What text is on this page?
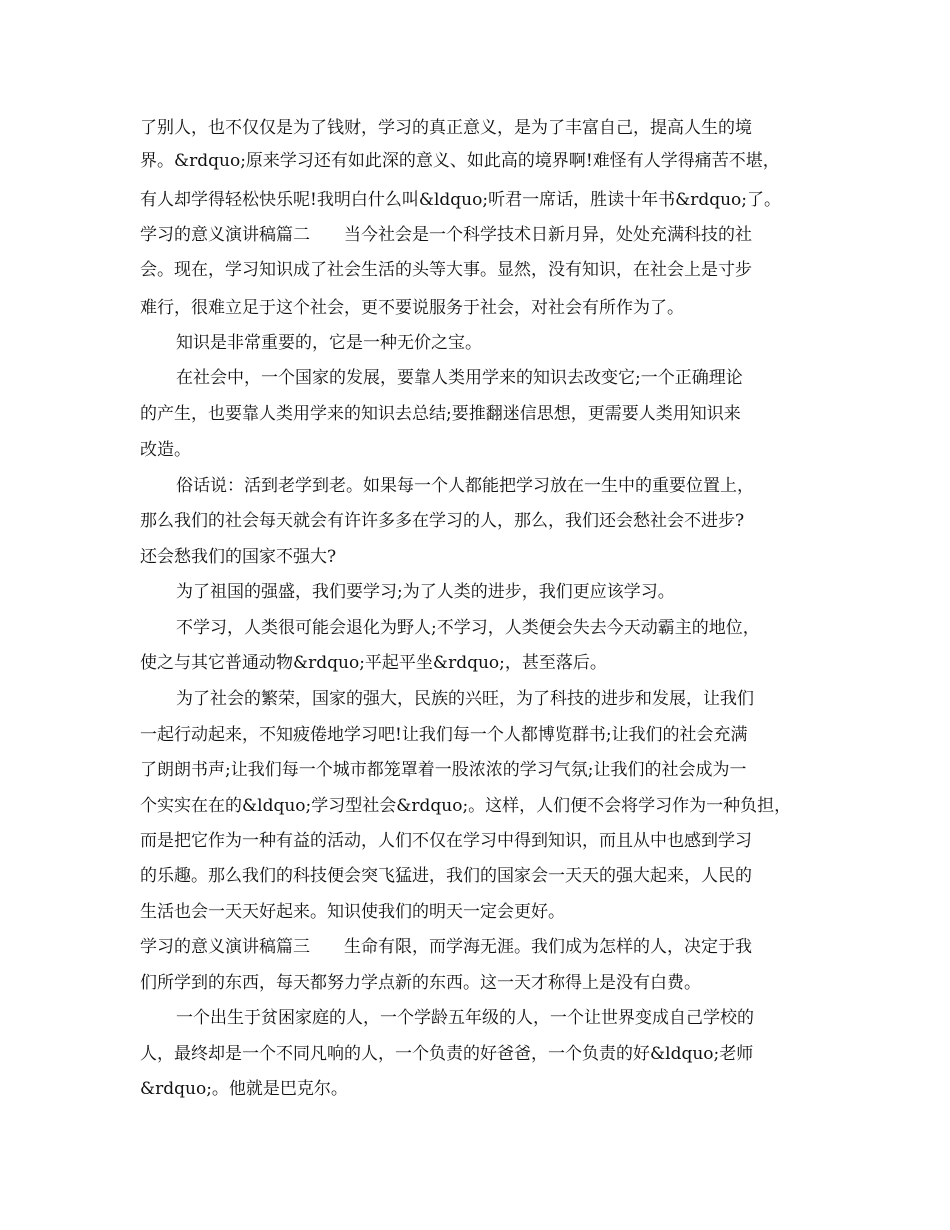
了别人，也不仅仅是为了钱财，学习的真正意义，是为了丰富自己，提高人生的境
界。&rdquo;原来学习还有如此深的意义、如此高的境界啊!难怪有人学得痛苦不堪，
有人却学得轻松快乐呢!我明白什么叫&ldquo;听君一席话，胜读十年书&rdquo;了。
学习的意义演讲稿篇二　　当今社会是一个科学技术日新月异，处处充满科技的社
会。现在，学习知识成了社会生活的头等大事。显然，没有知识，在社会上是寸步
难行，很难立足于这个社会，更不要说服务于社会，对社会有所作为了。
知识是非常重要的，它是一种无价之宝。
在社会中，一个国家的发展，要靠人类用学来的知识去改变它;一个正确理论
的产生，也要靠人类用学来的知识去总结;要推翻迷信思想，更需要人类用知识来
改造。
俗话说：活到老学到老。如果每一个人都能把学习放在一生中的重要位置上，
那么我们的社会每天就会有许许多多在学习的人，那么，我们还会愁社会不进步?
还会愁我们的国家不强大?
为了祖国的强盛，我们要学习;为了人类的进步，我们更应该学习。
不学习，人类很可能会退化为野人;不学习，人类便会失去今天动霸主的地位，
使之与其它普通动物&rdquo;平起平坐&rdquo;，甚至落后。
为了社会的繁荣，国家的强大，民族的兴旺，为了科技的进步和发展，让我们
一起行动起来，不知疲倦地学习吧!让我们每一个人都博览群书;让我们的社会充满
了朗朗书声;让我们每一个城市都笼罩着一股浓浓的学习气氛;让我们的社会成为一
个实实在在的&ldquo;学习型社会&rdquo;。这样，人们便不会将学习作为一种负担，
而是把它作为一种有益的活动，人们不仅在学习中得到知识，而且从中也感到学习
的乐趣。那么我们的科技便会突飞猛进，我们的国家会一天天的强大起来，人民的
生活也会一天天好起来。知识使我们的明天一定会更好。
学习的意义演讲稿篇三　　生命有限，而学海无涯。我们成为怎样的人，决定于我
们所学到的东西，每天都努力学点新的东西。这一天才称得上是没有白费。
一个出生于贫困家庭的人，一个学龄五年级的人，一个让世界变成自己学校的
人，最终却是一个不同凡响的人，一个负责的好爸爸，一个负责的好&ldquo;老师
&rdquo;。他就是巴克尔。
